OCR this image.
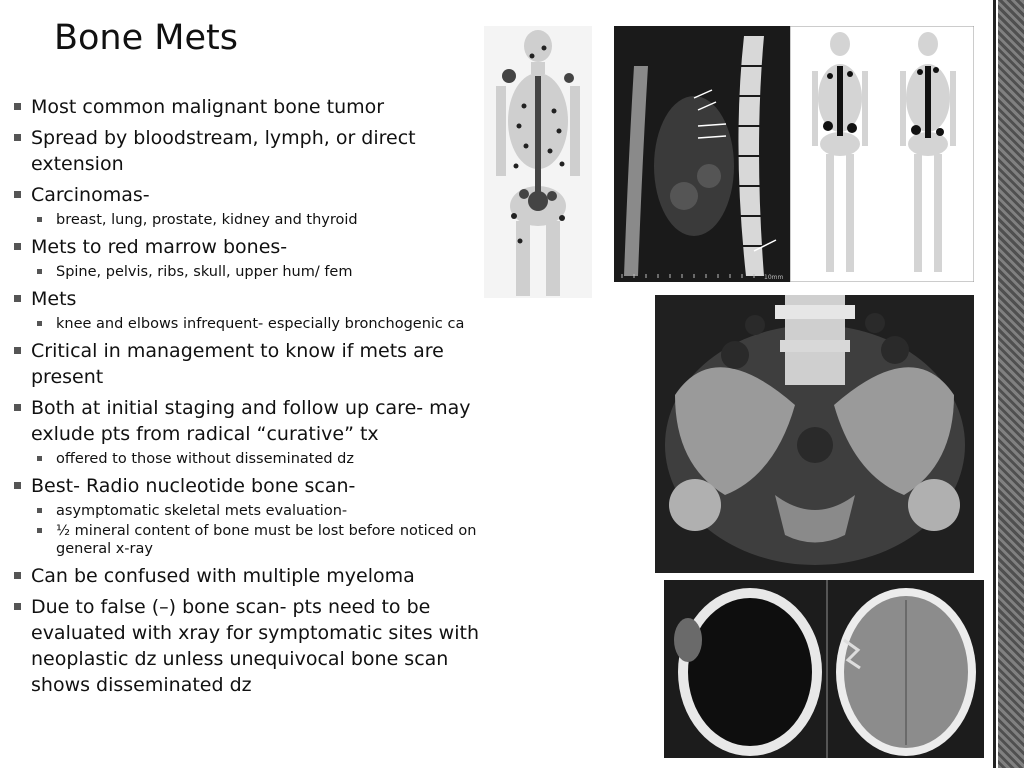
Bone Mets
Most common malignant bone tumor
Spread by bloodstream, lymph, or direct extension
Carcinomas-
breast, lung, prostate, kidney and thyroid
Mets to red marrow bones-
Spine, pelvis, ribs, skull, upper hum/ fem
Mets
knee and elbows infrequent- especially bronchogenic ca
Critical in management to know if mets are present
Both at initial staging and follow up care- may exlude pts from radical “curative” tx
offered to those without disseminated dz
Best- Radio nucleotide bone scan-
asymptomatic skeletal mets evaluation-
½ mineral content of bone must be lost before noticed on general x-ray
Can be confused with multiple myeloma
Due to false (–) bone scan- pts need to be evaluated with xray for symptomatic sites with neoplastic dz unless unequivocal bone scan shows disseminated dz
10mm
